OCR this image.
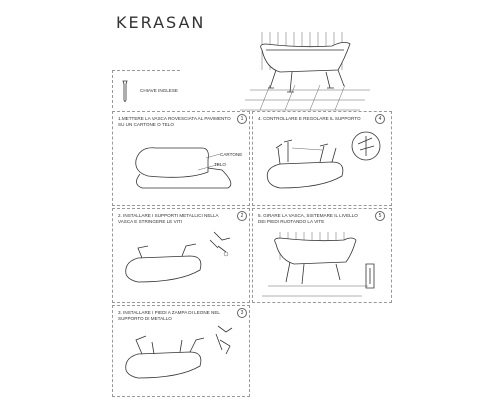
KERASAN
CHIAVE INGLESE
1.METTERE LA VASCA ROVESCIATA AL PAVIMENTO SU UN CARTONE O TELO
1
CARTONE
TELO
4. CONTROLLARE E REGOLARE IL SUPPORTO	4
2. INSTALLARE I SUPPORTI METALLICI NELLA VASCA E STRINGERE LE VITI
2	5. GIRARE LA VASCA, SISTEMARE IL LIVELLO DEI PIEDI RUOTANDO LA VITE
5
3. INSTALLARE I PIEDI A ZAMPA DI LEONE NEL SUPPORTO DI METALLO
3
